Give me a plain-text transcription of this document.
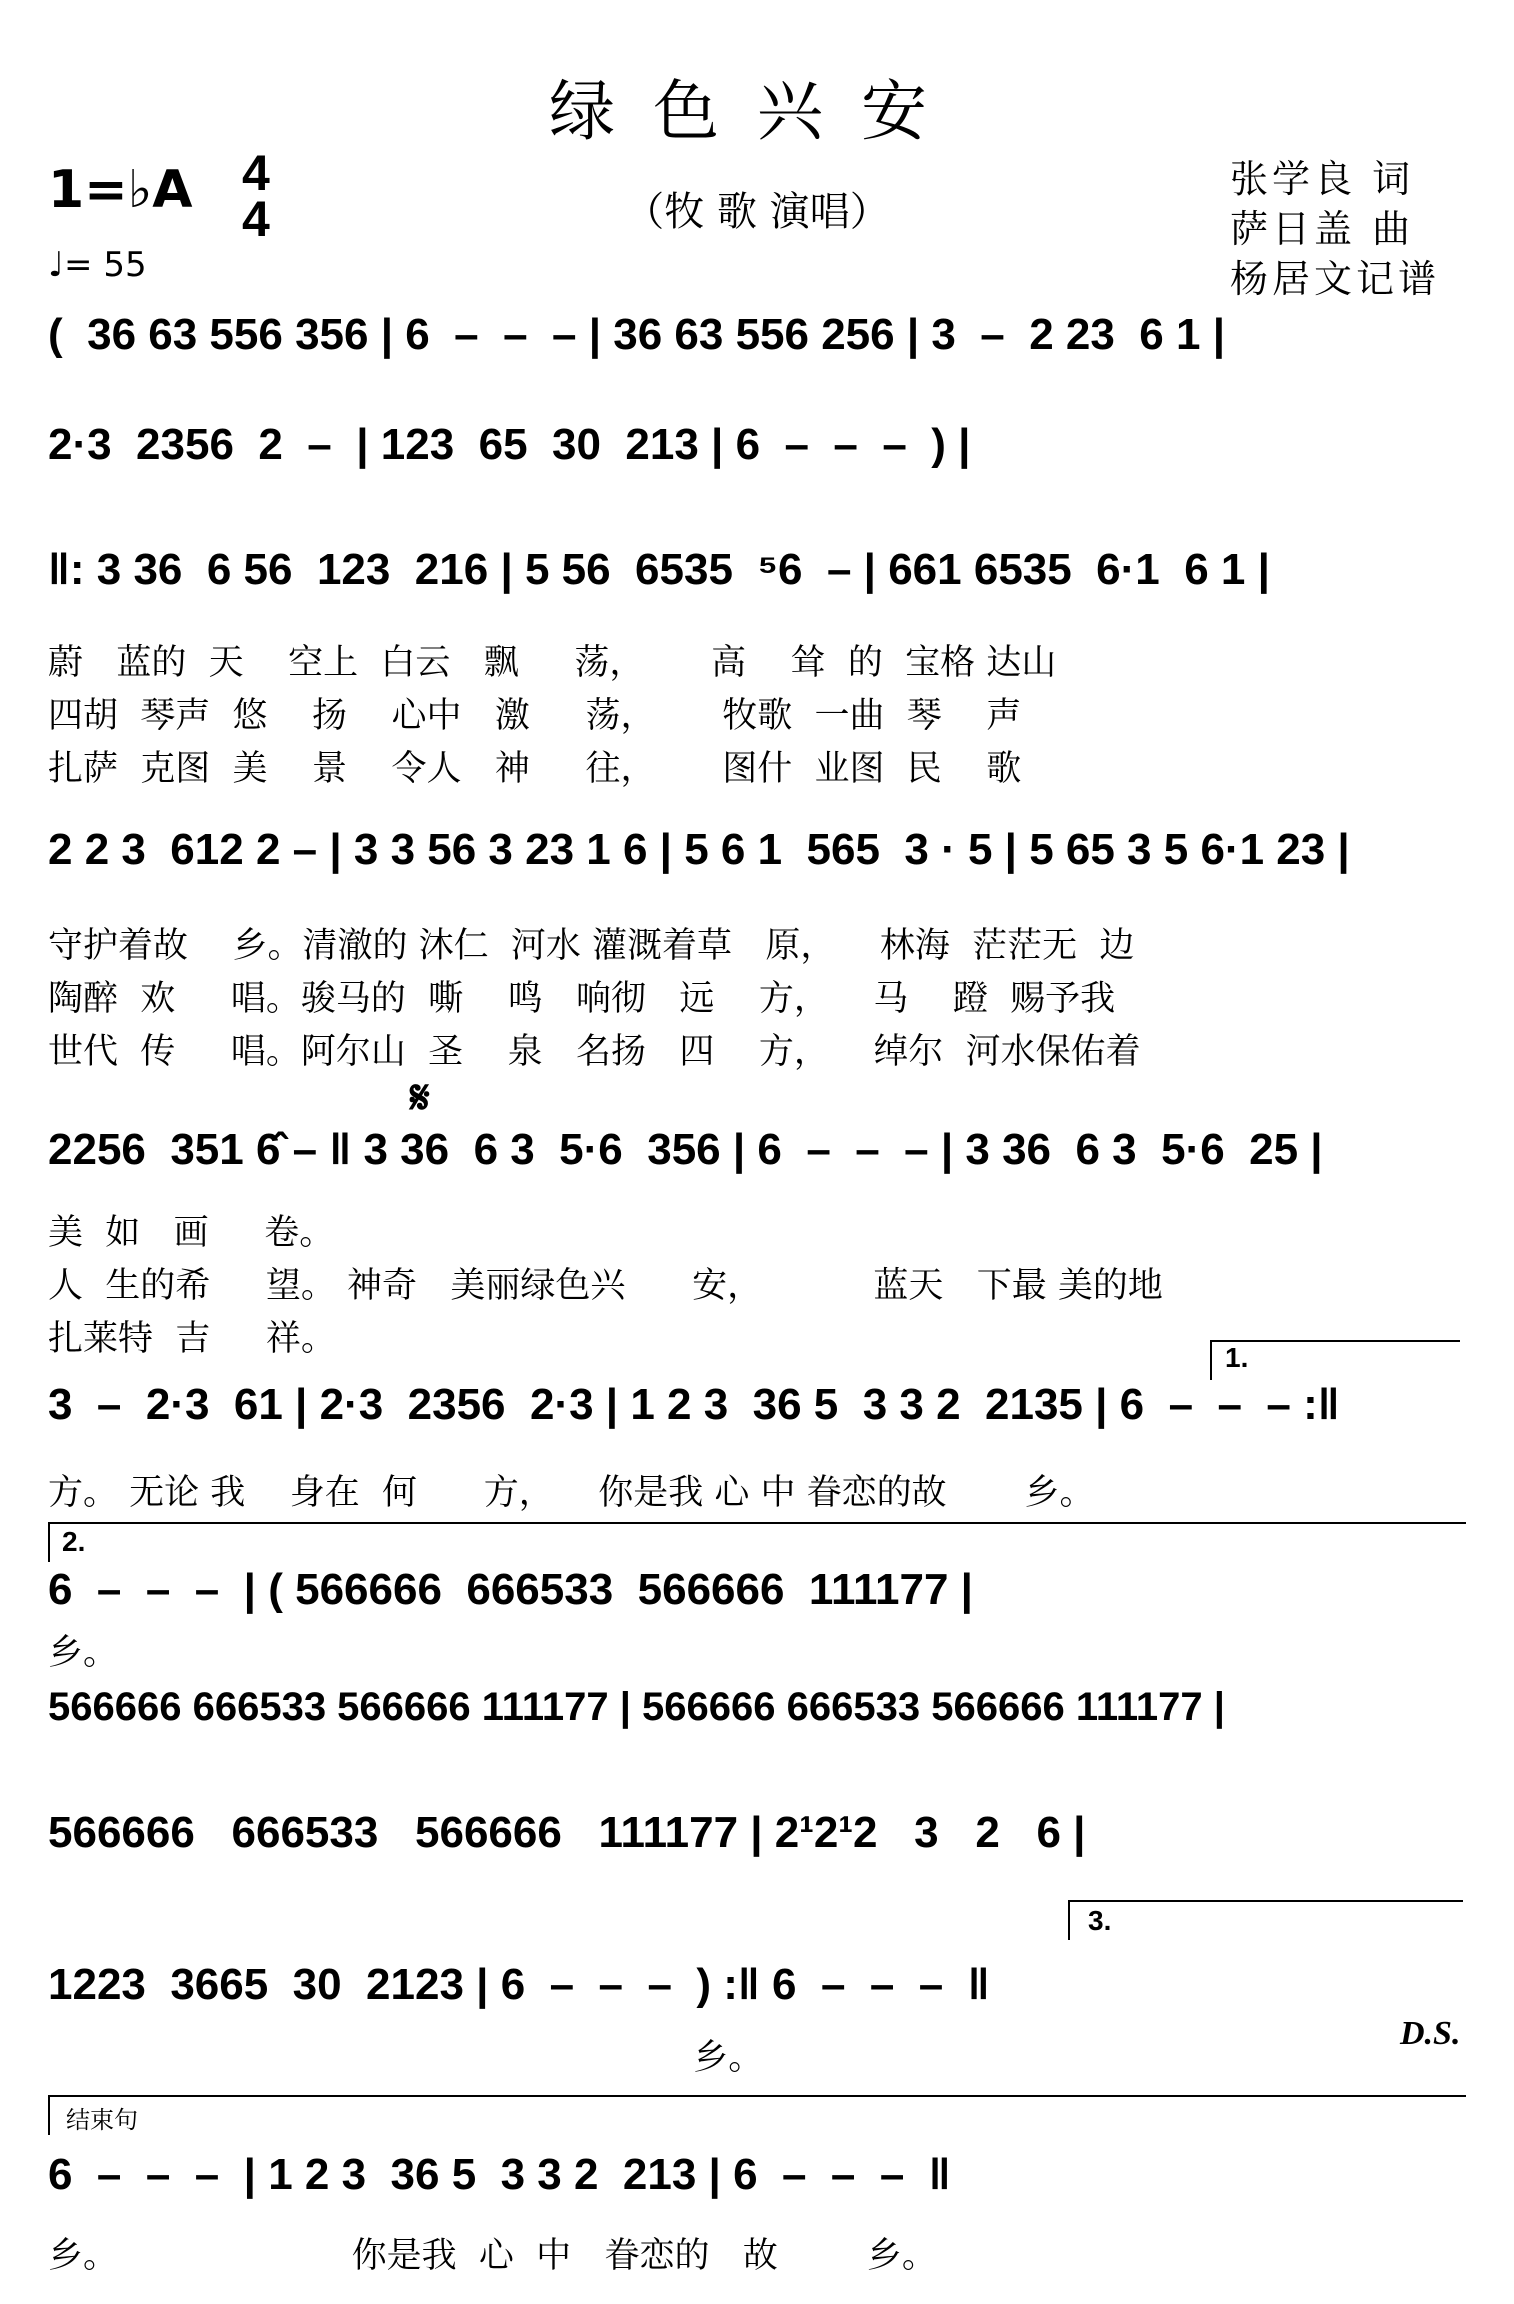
绿色兴安
1=♭A 4
4	（牧 歌 演唱）
♩= 55
张学良 词
萨日盖 曲
杨居文记谱
(  36 63 556 356 | 6  –  –  – | 36 63 556 256 | 3  –  2 23  6 1 |
2·3  2356  2  –  | 123  65  30  213 | 6  –  –  –  ) |
‖: 3 36  6 56  123  216 | 5 56  6535  ⁵6  – | 661 6535  6·1  6 1 |
蔚   蓝的  天    空上  白云   飘     荡，      高    耸  的  宝格 达山
四胡  琴声  悠    扬    心中   激     荡，      牧歌  一曲  琴    声
扎萨  克图  美    景    令人   神     往，      图什  业图  民    歌
2 2 3  612 2 – | 3 3 56 3 23 1 6 | 5 6 1  565  3 · 5 | 5 65 3 5 6·1 23 |
守护着故    乡。清澈的 沐仁  河水 灌溉着草   原，    林海  茫茫无  边
陶醉  欢     唱。骏马的  嘶    鸣   响彻   远    方，    马    蹬  赐予我
世代  传     唱。阿尔山  圣    泉   名扬   四    方，    绰尔  河水保佑着
𝄋
2256  351 6̂ – ‖ 3 36  6 3  5·6  356 | 6  –  –  – | 3 36  6 3  5·6  25 |
美  如   画     卷。
人  生的希     望。 神奇   美丽绿色兴      安，          蓝天   下最 美的地
扎莱特  吉     祥。	1.
3  –  2·3  61 | 2·3  2356  2·3 | 1 2 3  36 5  3 3 2  2135 | 6  –  –  – :‖
方。 无论 我    身在  何      方，    你是我 心 中 眷恋的故       乡。
2.
6  –  –  –  | ( 566666  666533  566666  111177 |
乡。
566666 666533 566666 111177 | 566666 666533 566666 111177 |
566666   666533   566666   111177 | 2¹2¹2   3   2   6 |
3.
1223  3665  30  2123 | 6  –  –  –  ) :‖ 6  –  –  –  ‖
乡。
D.S.
结束句
6  –  –  –  | 1 2 3  36 5  3 3 2  213 | 6  –  –  –  ‖
乡。                     你是我  心  中   眷恋的   故        乡。
